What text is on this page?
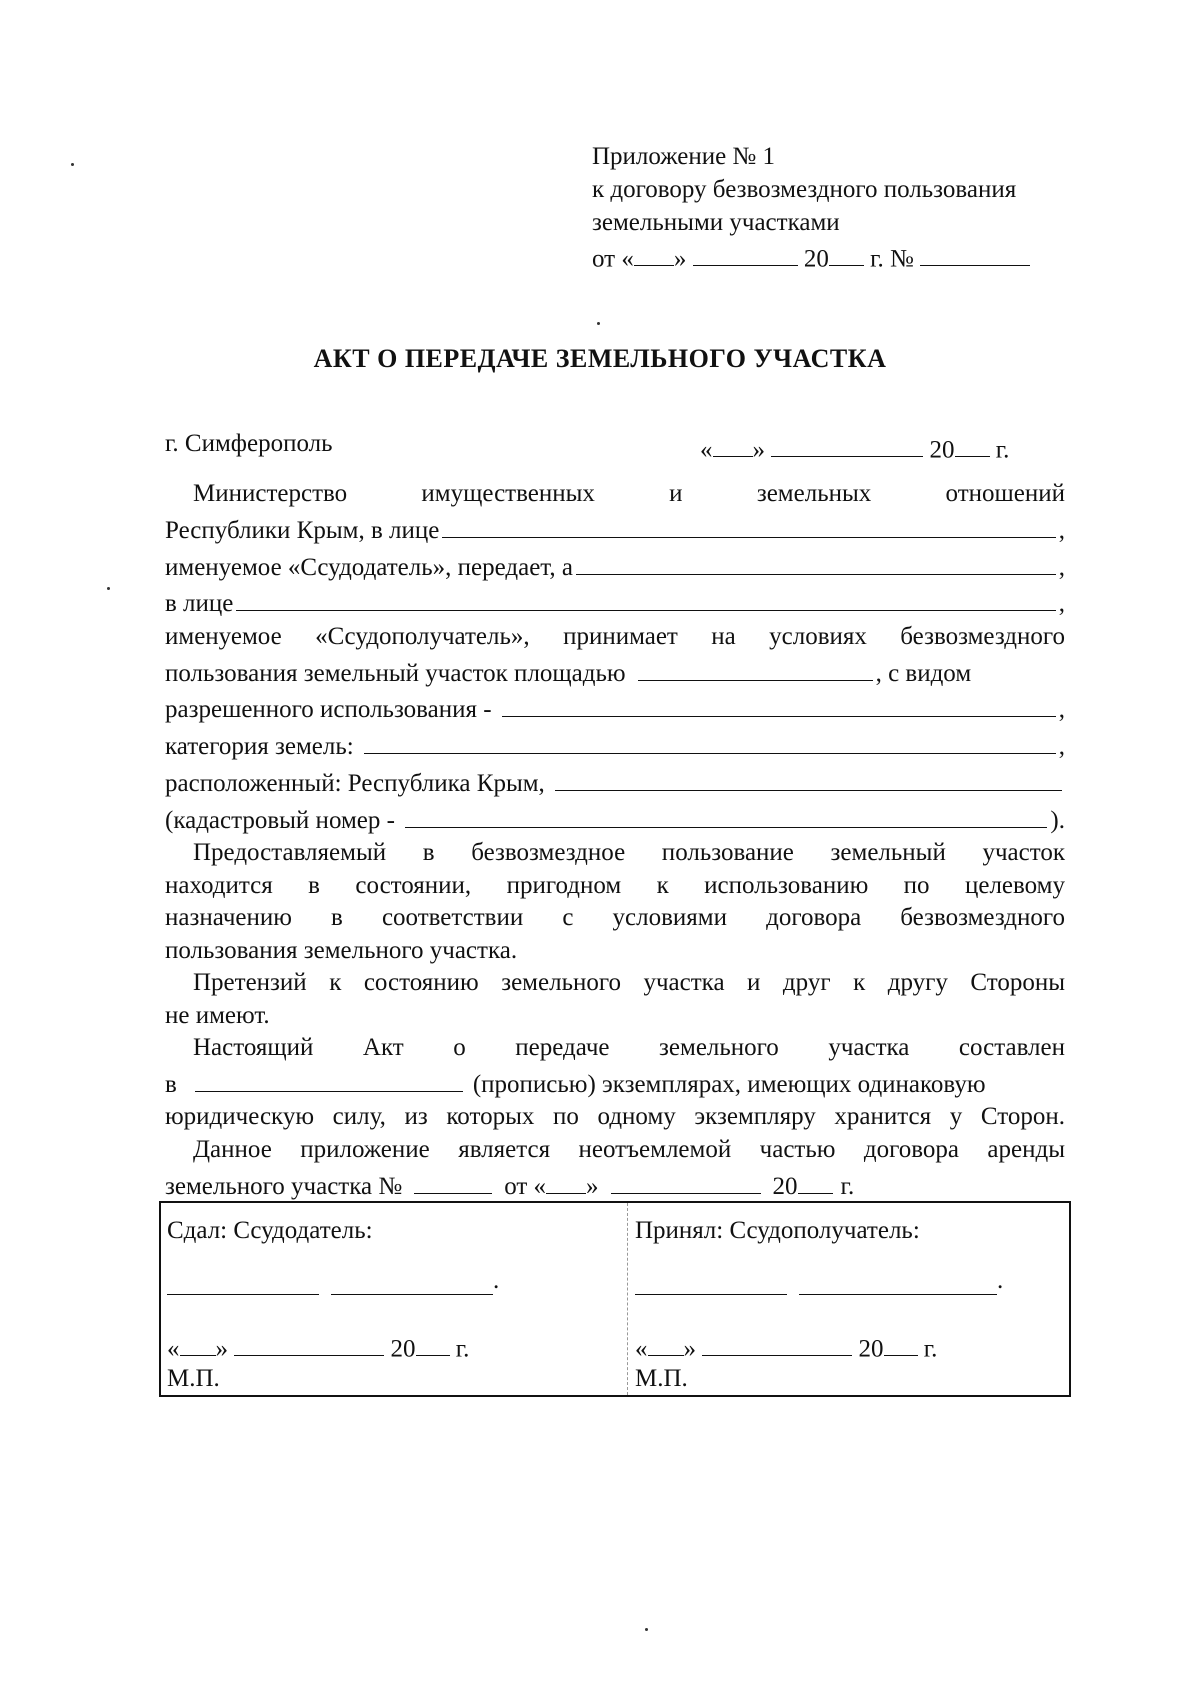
Приложение № 1
к договору безвозмездного пользования
земельными участками
от « »	20 г. №
АКТ О ПЕРЕДАЧЕ ЗЕМЕЛЬНОГО УЧАСТКА
г. Симферополь	« »	20 г.
Министерство имущественных и земельных отношений
Республики Крым, в лице	,
именуемое «Ссудодатель», передает, а	,
в лице	,
именуемое «Ссудополучатель», принимает на условиях безвозмездного
пользования земельный участок площадью	, с видом
разрешенного использования -	,
категория земель:	,
расположенный: Республика Крым,
(кадастровый номер -	).
Предоставляемый в безвозмездное пользование земельный участок
находится в состоянии, пригодном к использованию по целевому
назначению в соответствии с условиями договора безвозмездного
пользования земельного участка.
Претензий к состоянию земельного участка и друг к другу Стороны
не имеют.
Настоящий Акт о передаче земельного участка составлен
в	(прописью) экземплярах, имеющих одинаковую
юридическую силу, из которых по одному экземпляру хранится у Сторон.
Данное приложение является неотъемлемой частью договора аренды
земельного участка №	от « »	20 г.
Сдал: Ссудодатель:
.
« »	20 г.
М.П.
Принял: Ссудополучатель:
.
« »	20 г.
М.П.
